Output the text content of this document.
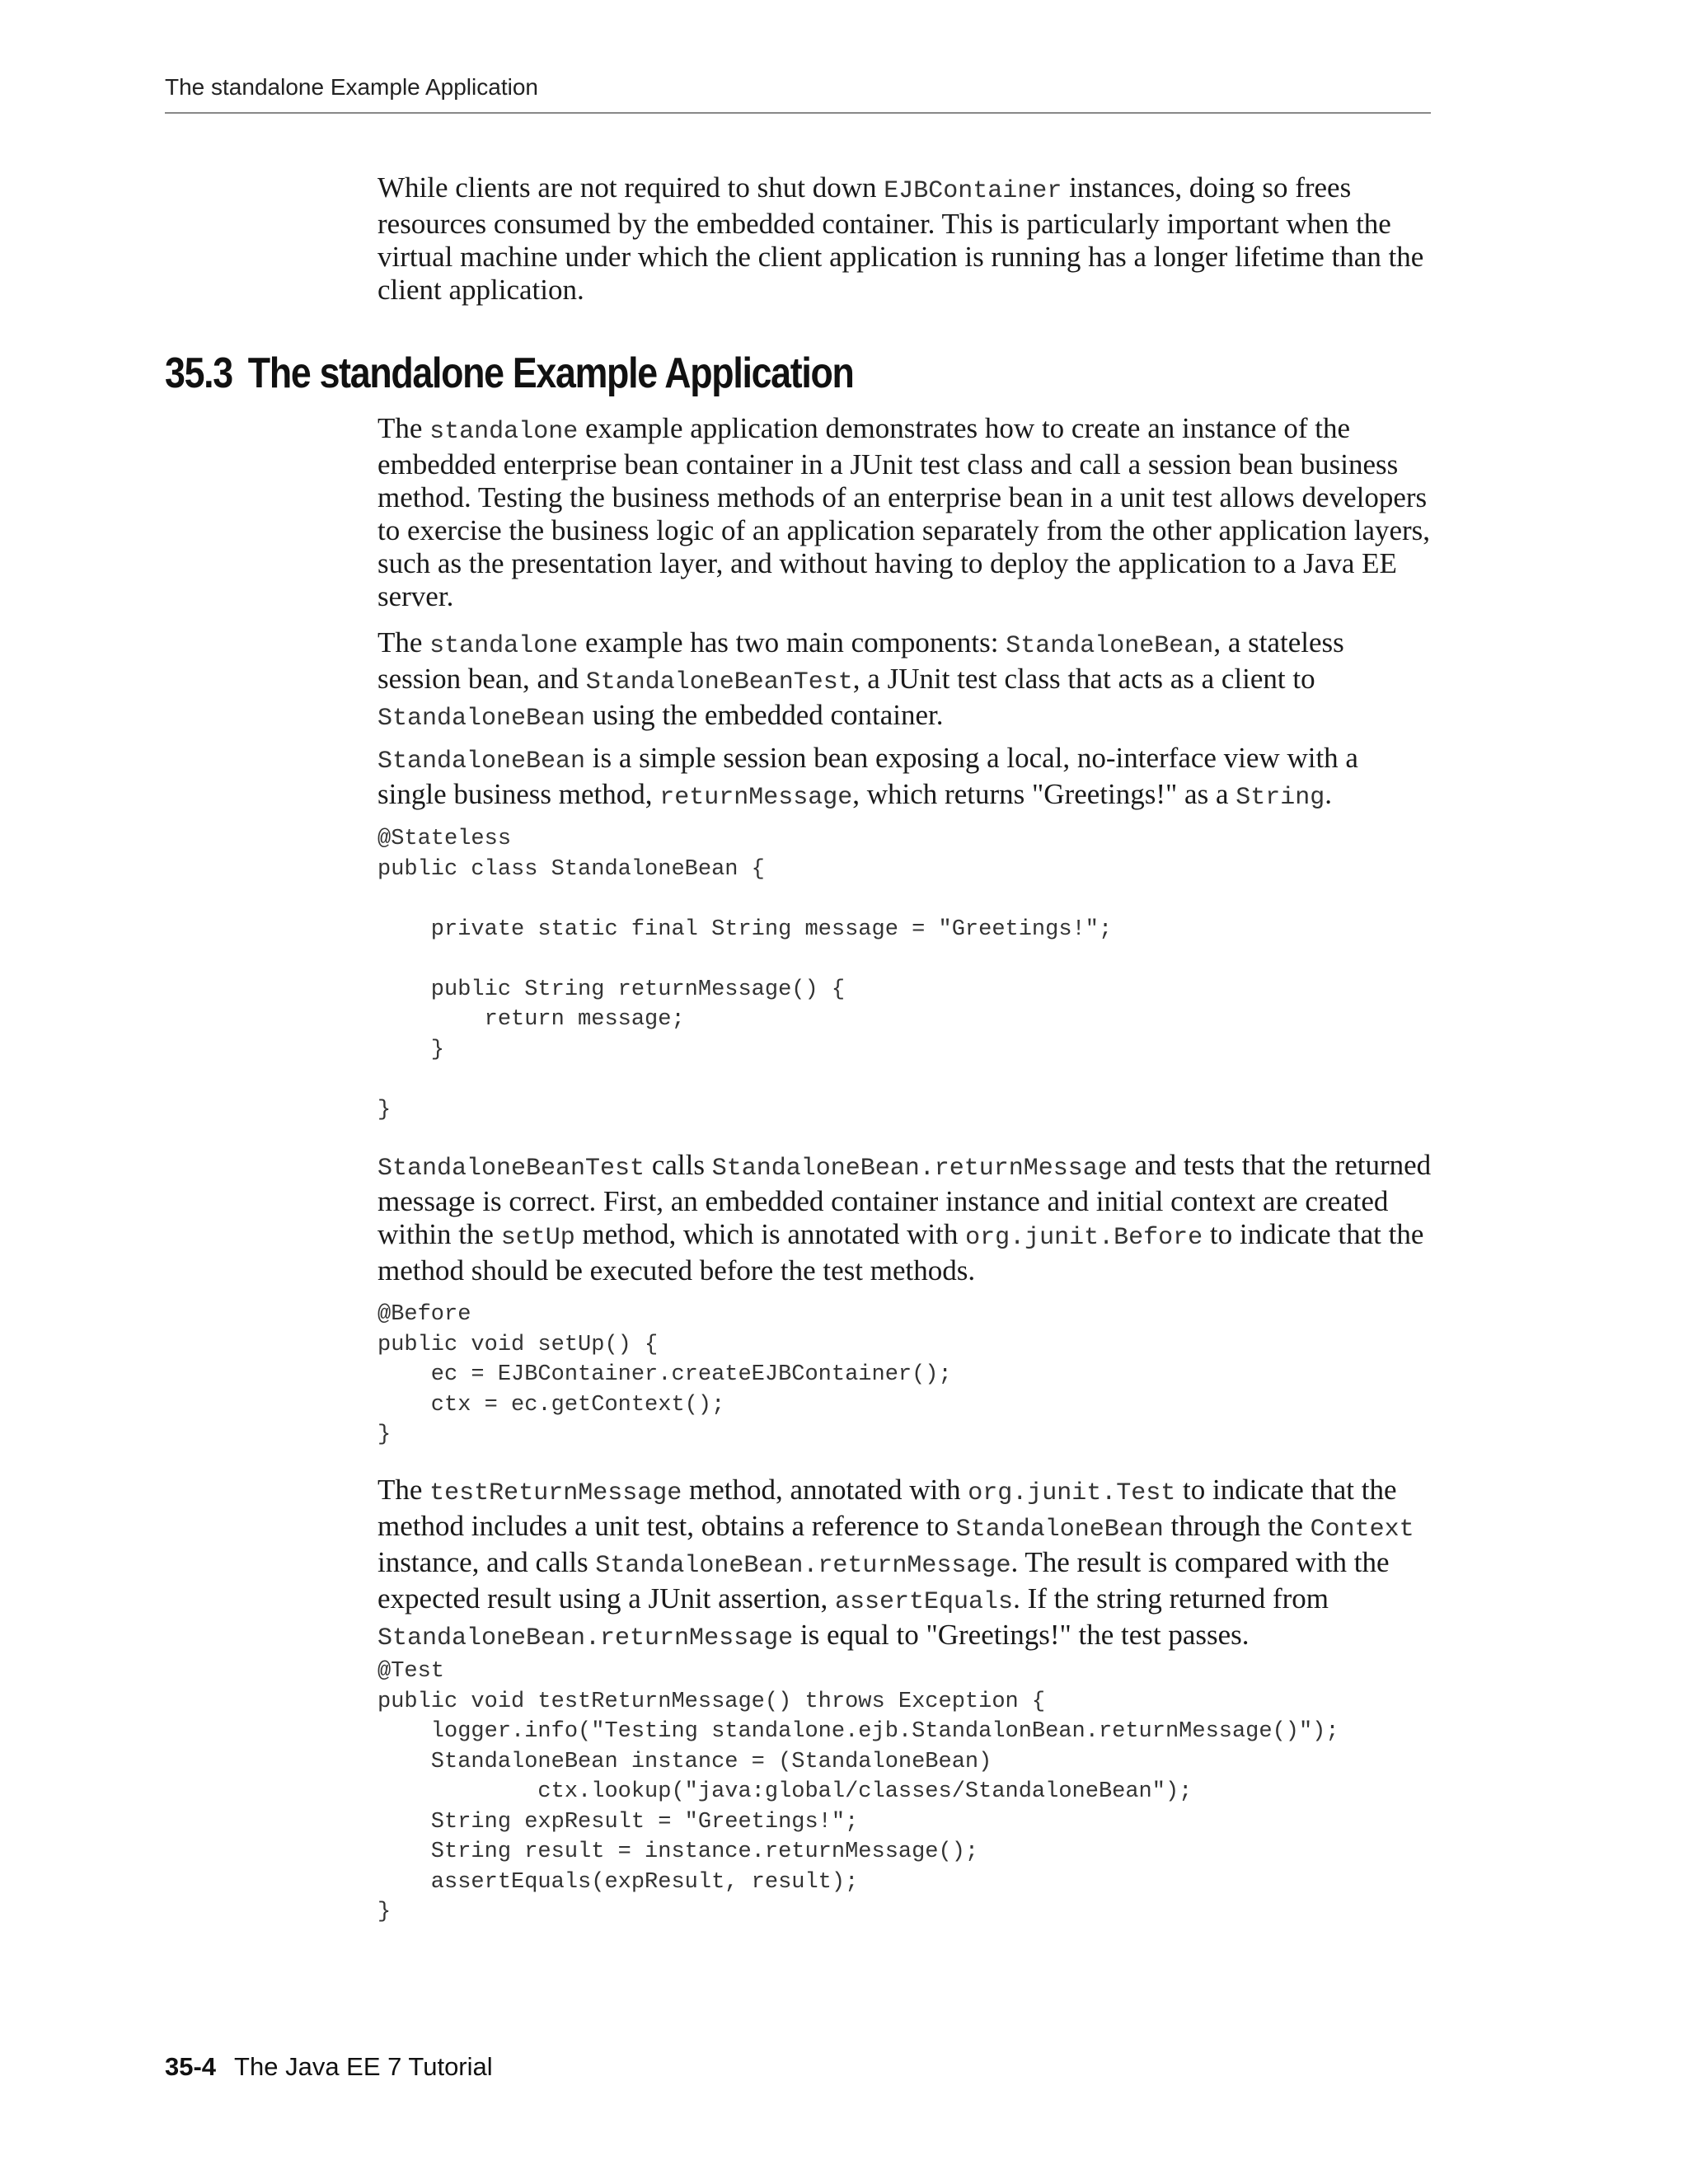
The standalone Example Application

While clients are not required to shut down EJBContainer instances, doing so frees resources consumed by the embedded container. This is particularly important when the virtual machine under which the client application is running has a longer lifetime than the client application.

35.3 The standalone Example Application

The standalone example application demonstrates how to create an instance of the embedded enterprise bean container in a JUnit test class and call a session bean business method. Testing the business methods of an enterprise bean in a unit test allows developers to exercise the business logic of an application separately from the other application layers, such as the presentation layer, and without having to deploy the application to a Java EE server.

The standalone example has two main components: StandaloneBean, a stateless session bean, and StandaloneBeanTest, a JUnit test class that acts as a client to StandaloneBean using the embedded container.

StandaloneBean is a simple session bean exposing a local, no-interface view with a single business method, returnMessage, which returns "Greetings!" as a String.

@Stateless
public class StandaloneBean {

private static final String message = "Greetings!";

public String returnMessage() {
return message;
}

}

StandaloneBeanTest calls StandaloneBean.returnMessage and tests that the returned message is correct. First, an embedded container instance and initial context are created within the setUp method, which is annotated with org.junit.Before to indicate that the method should be executed before the test methods.

@Before
public void setUp() {
ec = EJBContainer.createEJBContainer();
ctx = ec.getContext();
}

The testReturnMessage method, annotated with org.junit.Test to indicate that the method includes a unit test, obtains a reference to StandaloneBean through the Context instance, and calls StandaloneBean.returnMessage. The result is compared with the expected result using a JUnit assertion, assertEquals. If the string returned from StandaloneBean.returnMessage is equal to "Greetings!" the test passes.

@Test
public void testReturnMessage() throws Exception {
logger.info("Testing standalone.ejb.StandalonBean.returnMessage()");
StandaloneBean instance = (StandaloneBean)
ctx.lookup("java:global/classes/StandaloneBean");
String expResult = "Greetings!";
String result = instance.returnMessage();
assertEquals(expResult, result);
}
35-4 The Java EE 7 Tutorial
